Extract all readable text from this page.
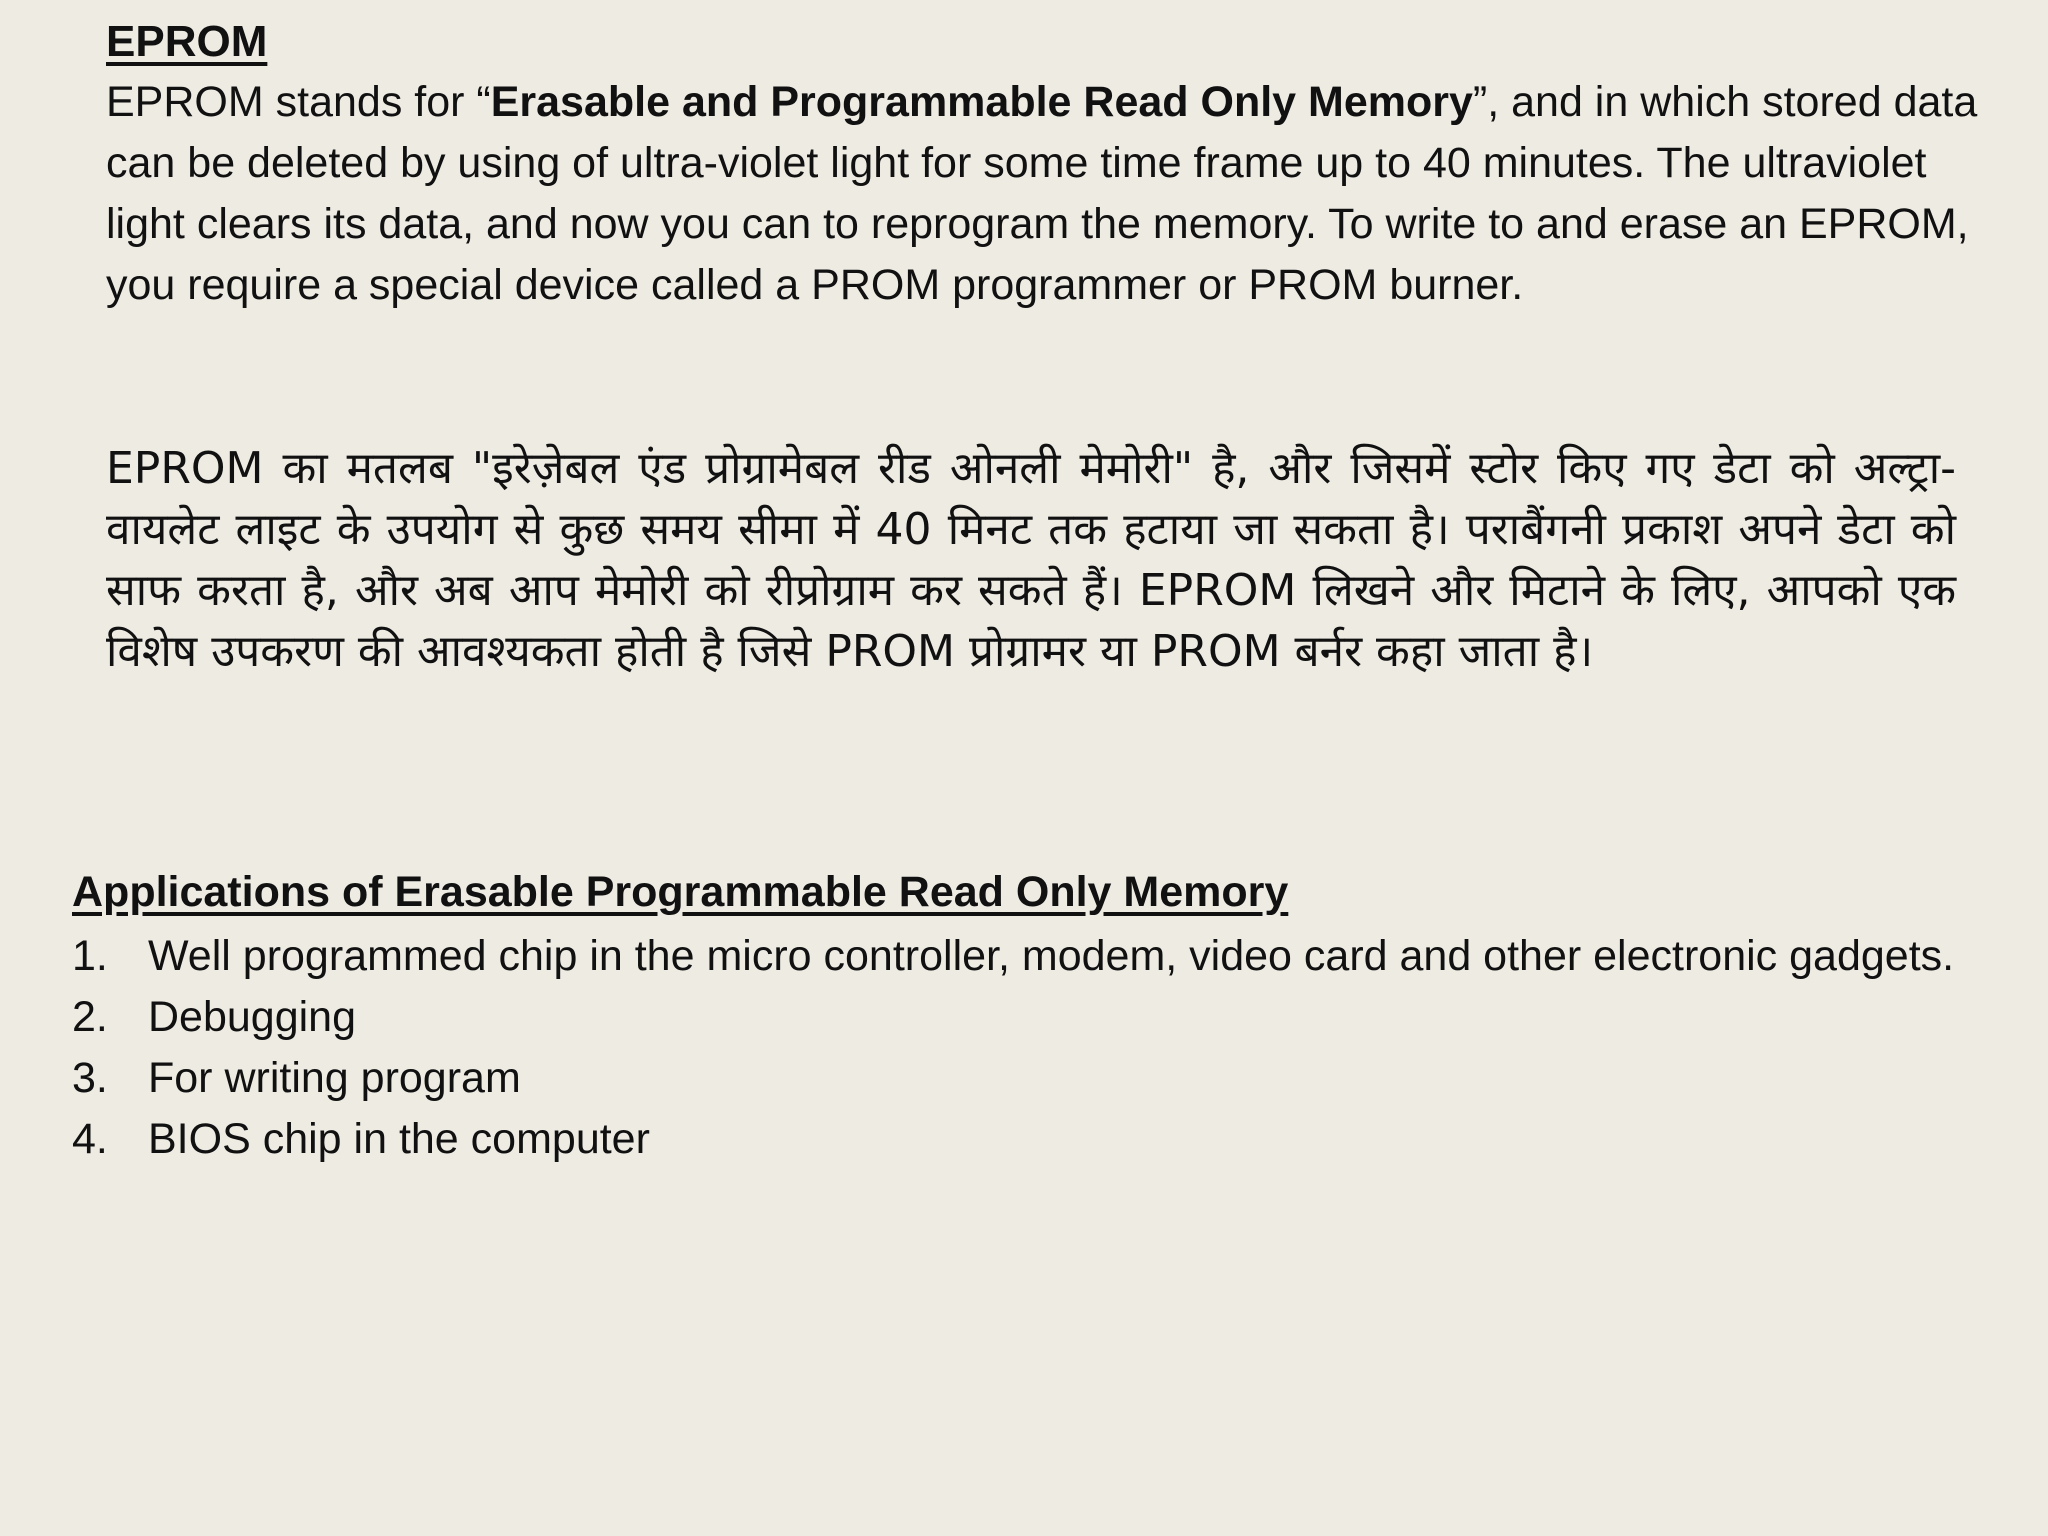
EPROM

EPROM stands for “Erasable and Programmable Read Only Memory”, and in which stored data can be deleted by using of ultra-violet light for some time frame up to 40 minutes. The ultraviolet light clears its data, and now you can to reprogram the memory. To write to and erase an EPROM, you require a special device called a PROM programmer or PROM burner.

EPROM का मतलब "इरेज़ेबल एंड प्रोग्रामेबल रीड ओनली मेमोरी" है, और जिसमें स्टोर किए गए डेटा को अल्ट्रा-वायलेट लाइट के उपयोग से कुछ समय सीमा में 40 मिनट तक हटाया जा सकता है। पराबैंगनी प्रकाश अपने डेटा को साफ करता है, और अब आप मेमोरी को रीप्रोग्राम कर सकते हैं। EPROM लिखने और मिटाने के लिए, आपको एक विशेष उपकरण की आवश्यकता होती है जिसे PROM प्रोग्रामर या PROM बर्नर कहा जाता है।

Applications of Erasable Programmable Read Only Memory
1. Well programmed chip in the micro controller, modem, video card and other electronic gadgets.
2. Debugging
3. For writing program
4. BIOS chip in the computer
